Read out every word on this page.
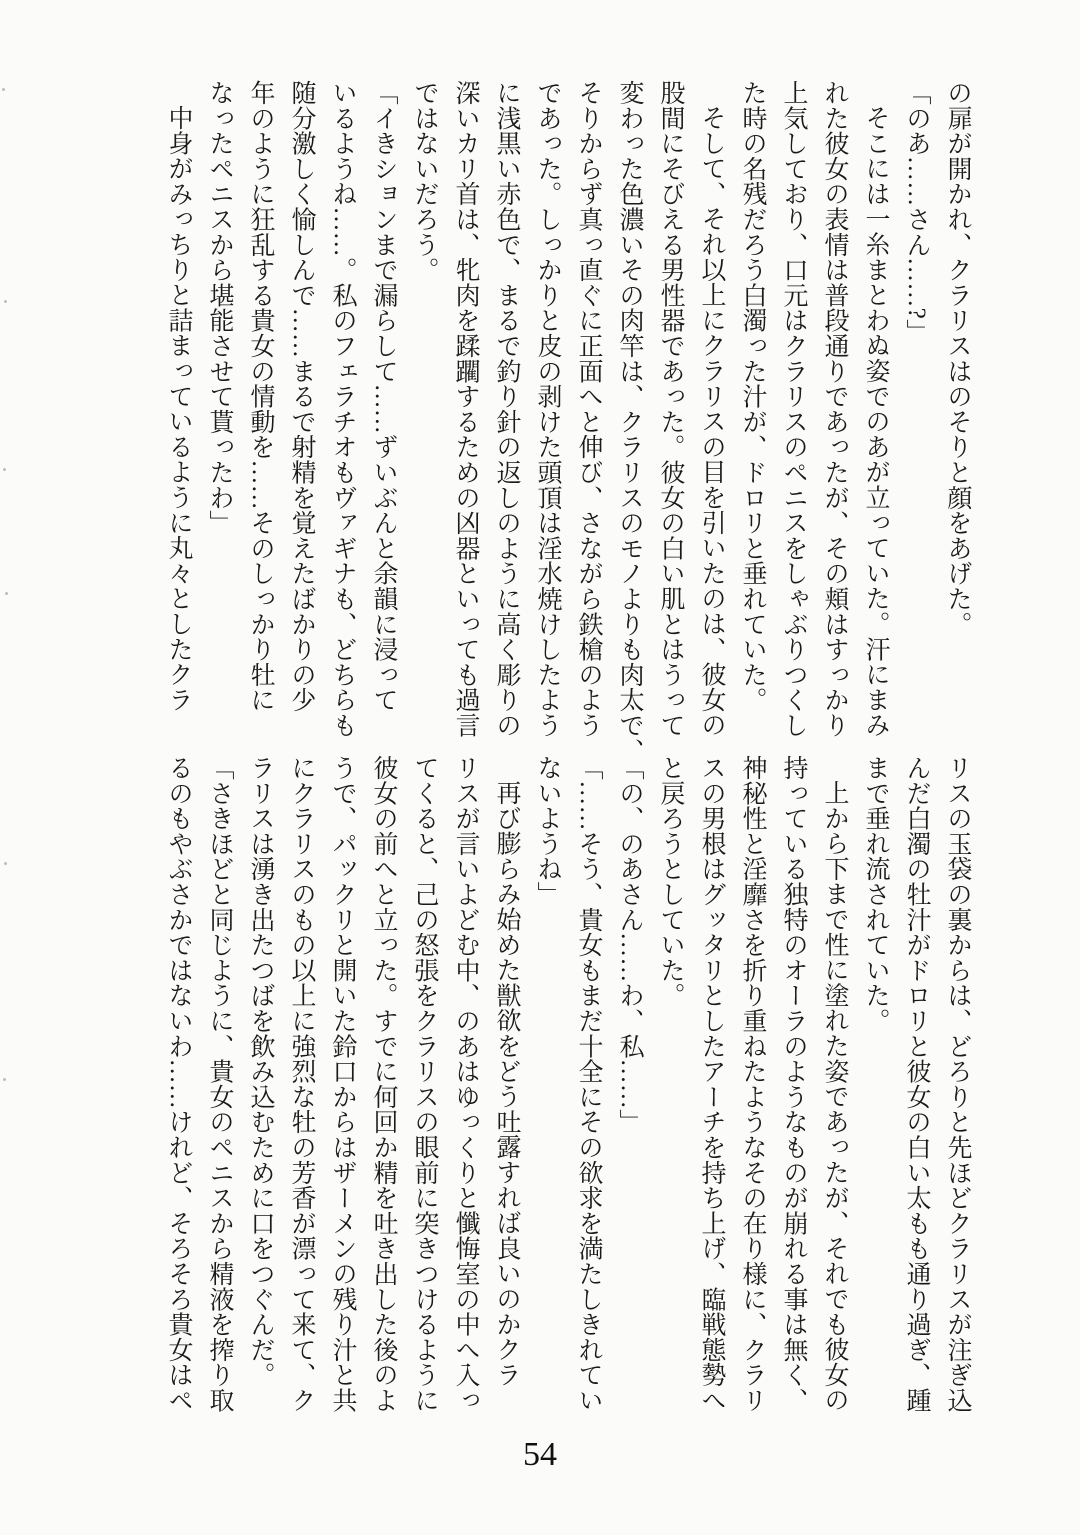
の扉が開かれ、クラリスはのそりと顔をあげた。

「のあ……さん……?」

そこには一糸まとわぬ姿でのあが立っていた。汗にまみ

れた彼女の表情は普段通りであったが、その頬はすっかり

上気しており、口元はクラリスのペニスをしゃぶりつくし

た時の名残だろう白濁った汁が、ドロリと垂れていた。

そして、それ以上にクラリスの目を引いたのは、彼女の

股間にそびえる男性器であった。彼女の白い肌とはうって

変わった色濃いその肉竿は、クラリスのモノよりも肉太で、

そりからず真っ直ぐに正面へと伸び、さながら鉄槍のよう

であった。しっかりと皮の剥けた頭頂は淫水焼けしたよう

に浅黒い赤色で、まるで釣り針の返しのように高く彫りの

深いカリ首は、牝肉を蹂躙するための凶器といっても過言

ではないだろう。

「イきションまで漏らして……ずいぶんと余韻に浸って

いるようね……。私のフェラチオもヴァギナも、どちらも

随分激しく愉しんで……まるで射精を覚えたばかりの少

年のように狂乱する貴女の情動を……そのしっかり牡に

なったペニスから堪能させて貰ったわ」

中身がみっちりと詰まっているように丸々としたクラ

リスの玉袋の裏からは、どろりと先ほどクラリスが注ぎ込

んだ白濁の牡汁がドロリと彼女の白い太もも通り過ぎ、踵

まで垂れ流されていた。

上から下まで性に塗れた姿であったが、それでも彼女の

持っている独特のオーラのようなものが崩れる事は無く、

神秘性と淫靡さを折り重ねたようなその在り様に、クラリ

スの男根はグッタリとしたアーチを持ち上げ、臨戦態勢へ

と戻ろうとしていた。

「の、のあさん……わ、私……」

「……そう、貴女もまだ十全にその欲求を満たしきれてい

ないようね」

再び膨らみ始めた獣欲をどう吐露すれば良いのかクラ

リスが言いよどむ中、のあはゆっくりと懺悔室の中へ入っ

てくると、己の怒張をクラリスの眼前に突きつけるように

彼女の前へと立った。すでに何回か精を吐き出した後のよ

うで、パックリと開いた鈴口からはザーメンの残り汁と共

にクラリスのもの以上に強烈な牡の芳香が漂って来て、ク

ラリスは湧き出たつばを飲み込むために口をつぐんだ。

「さきほどと同じように、貴女のペニスから精液を搾り取

るのもやぶさかではないわ……けれど、そろそろ貴女はペ

54
